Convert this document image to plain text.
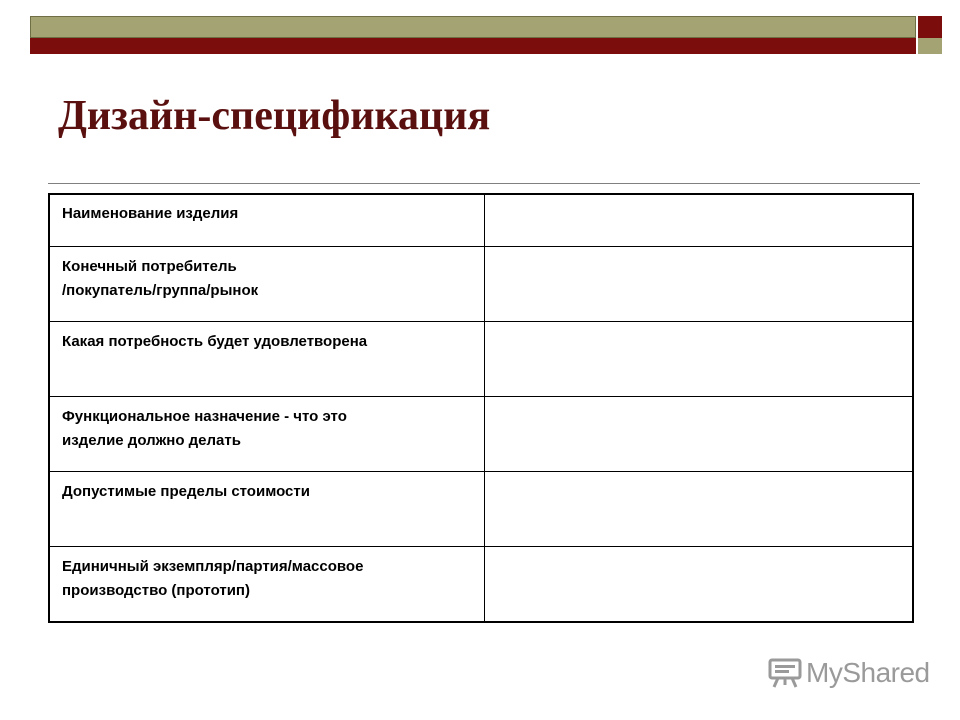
Дизайн-спецификация
Наименование изделия	

Конечный потребитель
/покупатель/группа/рынок	

Какая потребность будет удовлетворена	

Функциональное назначение - что это
изделие должно делать	

Допустимые пределы стоимости	

Единичный экземпляр/партия/массовое
производство (прототип)	

MyShared
